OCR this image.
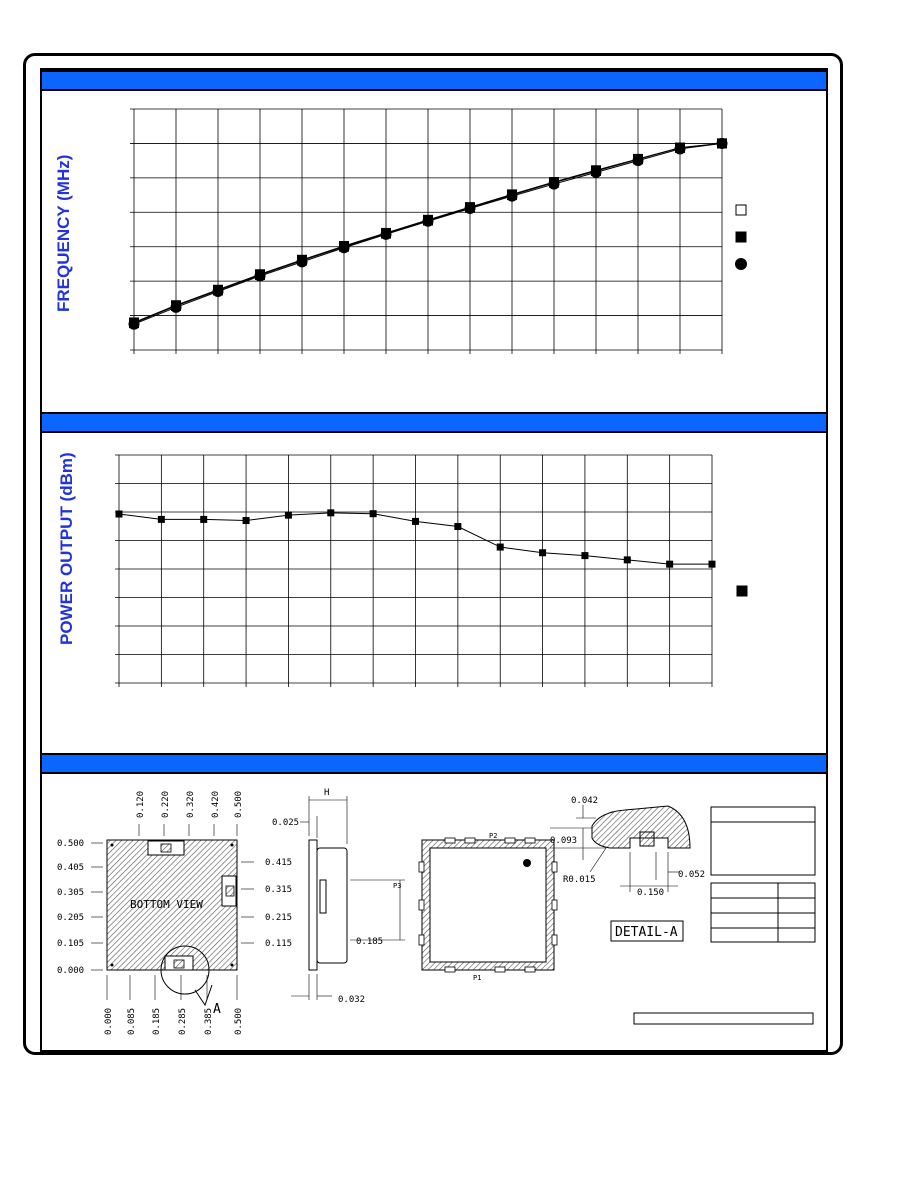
FREQUENCY (MHz)
POWER OUTPUT (dBm)
BOTTOM VIEW
A
0.120 0.220 0.320 0.420 0.500
0.500
0.405
0.305
0.205
0.105
0.000
0.415
0.315
0.215
0.115
0.000 0.085 0.185 0.285 0.385 0.500
H
0.025
0.185
0.032
P2
P1
P3
0.042
0.093
R0.015
0.150
0.052
DETAIL-A
